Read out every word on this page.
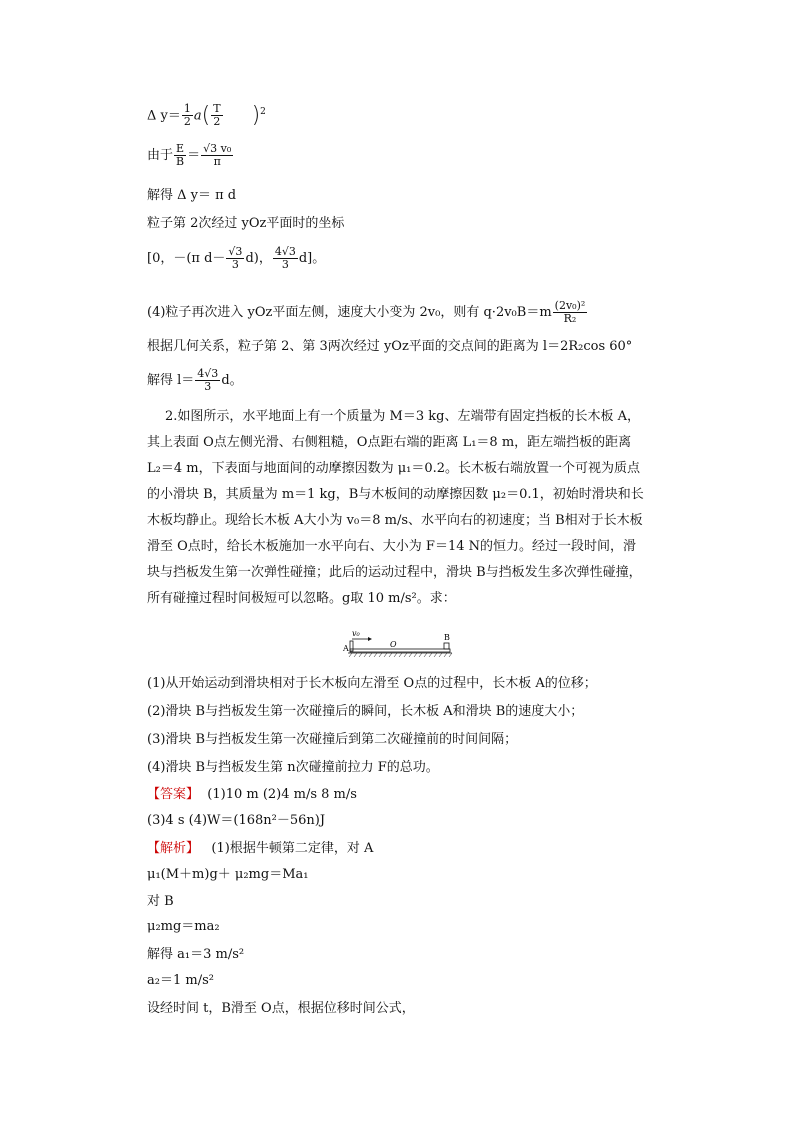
Δ $y= \frac{1}{2} a( \frac{T}{2} )^2$
由于 $\frac{E}{B} = \frac{\text{√3 v₀}}{\pi}$
解得 Δ y＝ π d
粒子第 2次经过 yOz平面时的坐标
[0，－(π $d- \frac{√3}{3} d$)， $\frac{4√3}{3} d$]。
(4)粒子再次进入 yOz平面左侧，速度大小变为 2v₀，则有 $q\cdot 2v_0B=m \frac{\text{(2v₀)²}}{\text{R₂}}$
根据几何关系，粒子第 2、第 3两次经过 yOz平面的交点间的距离为 l＝2R₂cos 60°
解得 $l= \frac{4√3}{3}$ d。
2.如图所示，水平地面上有一个质量为 M＝3 kg、左端带有固定挡板的长木板 A，其上表面 O点左侧光滑、右侧粗糙，O点距右端的距离 L₁＝8 m，距左端挡板的距离 L₂＝4 m，下表面与地面间的动摩擦因数为 μ₁＝0.2。长木板右端放置一个可视为质点的小滑块 B，其质量为 m＝1 kg，B与木板间的动摩擦因数 μ₂＝0.1，初始时滑块和长木板均静止。现给长木板 A大小为 v₀＝8 m/s、水平向右的初速度；当 B相对于长木板滑至 O点时，给长木板施加一水平向右、大小为 F＝14 N的恒力。经过一段时间，滑块与挡板发生第一次弹性碰撞；此后的运动过程中，滑块 B与挡板发生多次弹性碰撞，所有碰撞过程时间极短可以忽略。g取 10 m/s²。求：
v₀
A	O
B
(1)从开始运动到滑块相对于长木板向左滑至 O点的过程中，长木板 A的位移；
(2)滑块 B与挡板发生第一次碰撞后的瞬间，长木板 A和滑块 B的速度大小；
(3)滑块 B与挡板发生第一次碰撞后到第二次碰撞前的时间间隔；
(4)滑块 B与挡板发生第 n次碰撞前拉力 F的总功。
【答案】 (1)10 m (2)4 m/s 8 m/s
(3)4 s (4)W＝(168n²－56n)J
【解析】 (1)根据牛顿第二定律，对 A
μ₁(M＋m)g＋ μ₂mg＝Ma₁
对 B
μ₂mg＝ma₂
解得 a₁＝3 m/s²
a₂＝1 m/s²
设经时间 t，B滑至 O点，根据位移时间公式，
